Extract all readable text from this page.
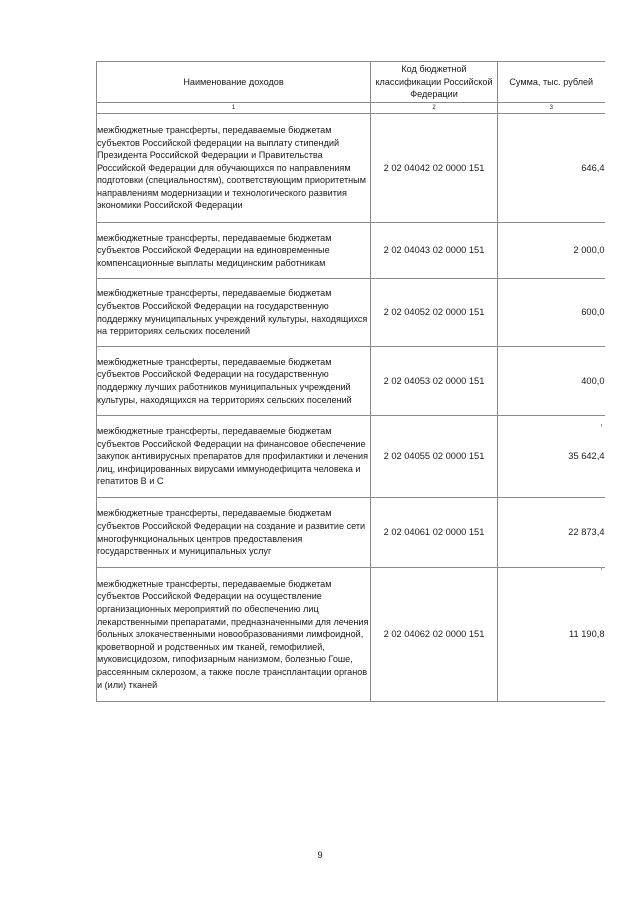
Наименование доходов	Код бюджетной классификации Российской Федерации	Сумма, тыс. рублей
1	2	3
межбюджетные трансферты, передаваемые бюджетам субъектов Российской федерации на выплату стипендий Президента Российской Федерации и Правительства Российской Федерации для обучающихся по направлениям подготовки (специальностям), соответствующим приоритетным направлениям модернизации и технологического развития экономики Российской Федерации	2 02 04042 02 0000 151	646,4
межбюджетные трансферты, передаваемые бюджетам субъектов Российской Федерации на единовременные компенсационные выплаты медицинским работникам	2 02 04043 02 0000 151	2 000,0
межбюджетные трансферты, передаваемые бюджетам субъектов Российской Федерации на государственную поддержку муниципальных учреждений культуры, находящихся на территориях сельских поселений	2 02 04052 02 0000 151	600,0
межбюджетные трансферты, передаваемые бюджетам субъектов Российской Федерации на государственную поддержку лучших работников муниципальных учреждений культуры, находящихся на территориях сельских поселений	2 02 04053 02 0000 151	400,0
межбюджетные трансферты, передаваемые бюджетам субъектов Российской Федерации на финансовое обеспечение закупок антивирусных препаратов для профилактики и лечения лиц, инфицированных вирусами иммунодефицита человека и гепатитов В и С	2 02 04055 02 0000 151	35 642,4
межбюджетные трансферты, передаваемые бюджетам субъектов Российской Федерации на создание и развитие сети многофункциональных центров предоставления государственных и муниципальных услуг	2 02 04061 02 0000 151	22 873,4
межбюджетные трансферты, передаваемые бюджетам субъектов Российской Федерации на осуществление организационных мероприятий по обеспечению лиц лекарственными препаратами, предназначенными для лечения больных злокачественными новообразованиями лимфоидной, кроветворной и родственных им тканей, гемофилией, муковисцидозом, гипофизарным нанизмом, болезнью Гоше, рассеянным склерозом, а также после трансплантации органов и (или) тканей	2 02 04062 02 0000 151	11 190,8
9
